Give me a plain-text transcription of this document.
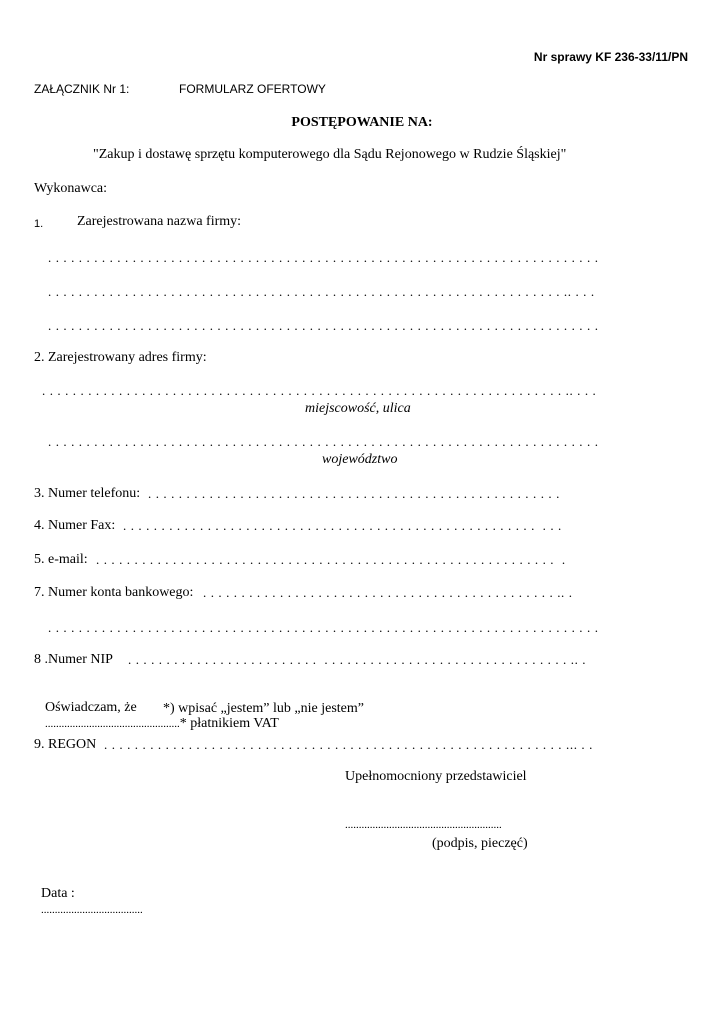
Nr sprawy KF 236-33/11/PN
ZAŁĄCZNIK Nr 1:	FORMULARZ OFERTOWY
POSTĘPOWANIE NA:
"Zakup i dostawę sprzętu komputerowego dla Sądu Rejonowego w Rudzie Śląskiej"
Wykonawca:
1. Zarejestrowana nazwa firmy:
. . . . . . . . . . . . . . . . . . . . . . . . . . . . . . . . . . . . . . . . . . . . . . . . . . . . . . . . . . . . . . . . . . . . . . . .
. . . . . . . . . . . . . . . . . . . . . . . . . . . . . . . . . . . . . . . . . . . . . . . . . . . . . . . . . . . . . . . . . . . .. . . .
. . . . . . . . . . . . . . . . . . . . . . . . . . . . . . . . . . . . . . . . . . . . . . . . . . . . . . . . . . . . . . . . . . . . . . . .
2. Zarejestrowany adres firmy:
. . . . . . . . . . . . . . . . . . . . . . . . . . . . . . . . . . . . . . . . . . . . . . . . . . . . . . . . . . . . . . . . . . . . .. . . .
miejscowość, ulica
. . . . . . . . . . . . . . . . . . . . . . . . . . . . . . . . . . . . . . . . . . . . . . . . . . . . . . . . . . . . . . . . . . . . . . . .
województwo
3. Numer telefonu: . . . . . . . . . . . . . . . . . . . . . . . . . . . . . . . . . . . . . . . . . . . . . . . . . . . . . .
4. Numer Fax: . . . . . . . . . . . . . . . . . . . . . . . . . . . . . . . . . . . . . . . . . . . . . . . . . . . . . .  . . .
5. e-mail: . . . . . . . . . . . . . . . . . . . . . . . . . . . . . . . . . . . . . . . . . . . . . . . . . . . . . . . . . . . .  .
7. Numer konta bankowego: . . . . . . . . . . . . . . . . . . . . . . . . . . . . . . . . . . . . . . . . . . . . . . .. .
. . . . . . . . . . . . . . . . . . . . . . . . . . . . . . . . . . . . . . . . . . . . . . . . . . . . . . . . . . . . . . . . . . . . . . . .
8 .Numer NIP . . . . . . . . . . . . . . . . . . . . . . . . .  . . . . . . . . . . . . . . . . . . . . . . . . . . . . . . . . .. .

Oświadczam, że
.................................................* płatnikiem VAT

*) wpisać „jestem” lub „nie jestem”
9. REGON . . . . . . . . . . . . . . . . . . . . . . . . . . . . . . . . . . . . . . . . . . . . . . . . . . . . . . . . . . . . ... . .
Upełnomocniony przedstawiciel
.........................................................
(podpis, pieczęć)

Data :
.....................................
